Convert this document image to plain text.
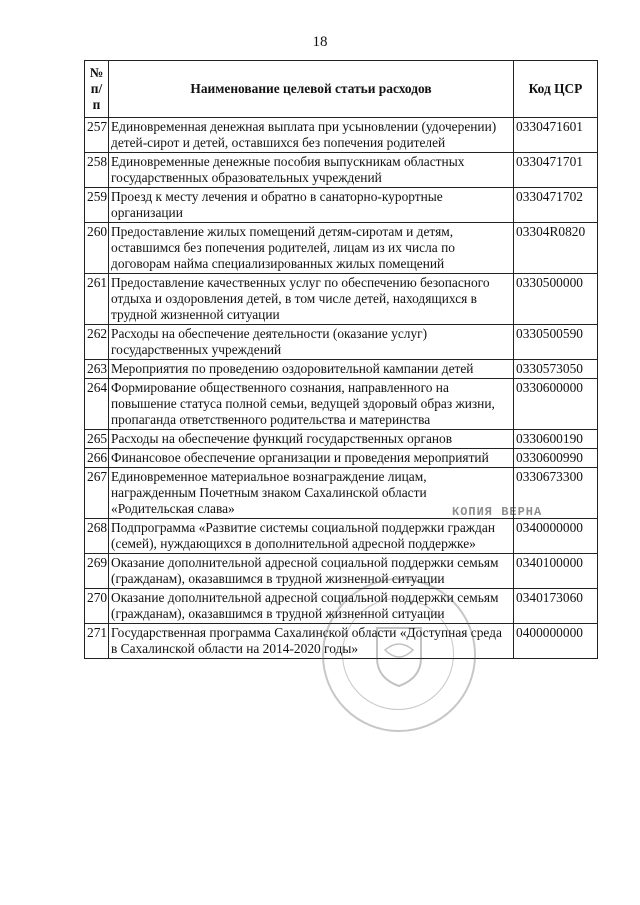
18
№ п/п	Наименование целевой статьи расходов	Код ЦСР
257	Единовременная денежная выплата при усыновлении (удочерении) детей-сирот и детей, оставшихся без попечения родителей	0330471601
258	Единовременные денежные пособия выпускникам областных государственных образовательных учреждений	0330471701
259	Проезд к месту лечения и обратно в санаторно-курортные организации	0330471702
260	Предоставление жилых помещений детям-сиротам и детям, оставшимся без попечения родителей, лицам из их числа по договорам найма специализированных жилых помещений	03304R0820
261	Предоставление качественных услуг по обеспечению безопасного отдыха и оздоровления детей, в том числе детей, находящихся в трудной жизненной ситуации	0330500000
262	Расходы на обеспечение деятельности (оказание услуг) государственных учреждений	0330500590
263	Мероприятия по проведению оздоровительной кампании детей	0330573050
264	Формирование общественного сознания, направленного на повышение статуса полной семьи, ведущей здоровый образ жизни, пропаганда ответственного родительства и материнства	0330600000
265	Расходы на обеспечение функций государственных органов	0330600190
266	Финансовое обеспечение организации и проведения мероприятий	0330600990
267	Единовременное материальное вознаграждение лицам, награжденным Почетным знаком Сахалинской области «Родительская слава»	0330673300
268	Подпрограмма «Развитие системы социальной поддержки граждан (семей), нуждающихся в дополнительной адресной поддержке»	0340000000
269	Оказание дополнительной адресной социальной поддержки семьям (гражданам), оказавшимся в трудной жизненной ситуации	0340100000
270	Оказание дополнительной адресной социальной поддержки семьям (гражданам), оказавшимся в трудной жизненной ситуации	0340173060
271	Государственная программа Сахалинской области «Доступная среда в Сахалинской области на 2014-2020 годы»	0400000000
КОПИЯ ВЕРНА
